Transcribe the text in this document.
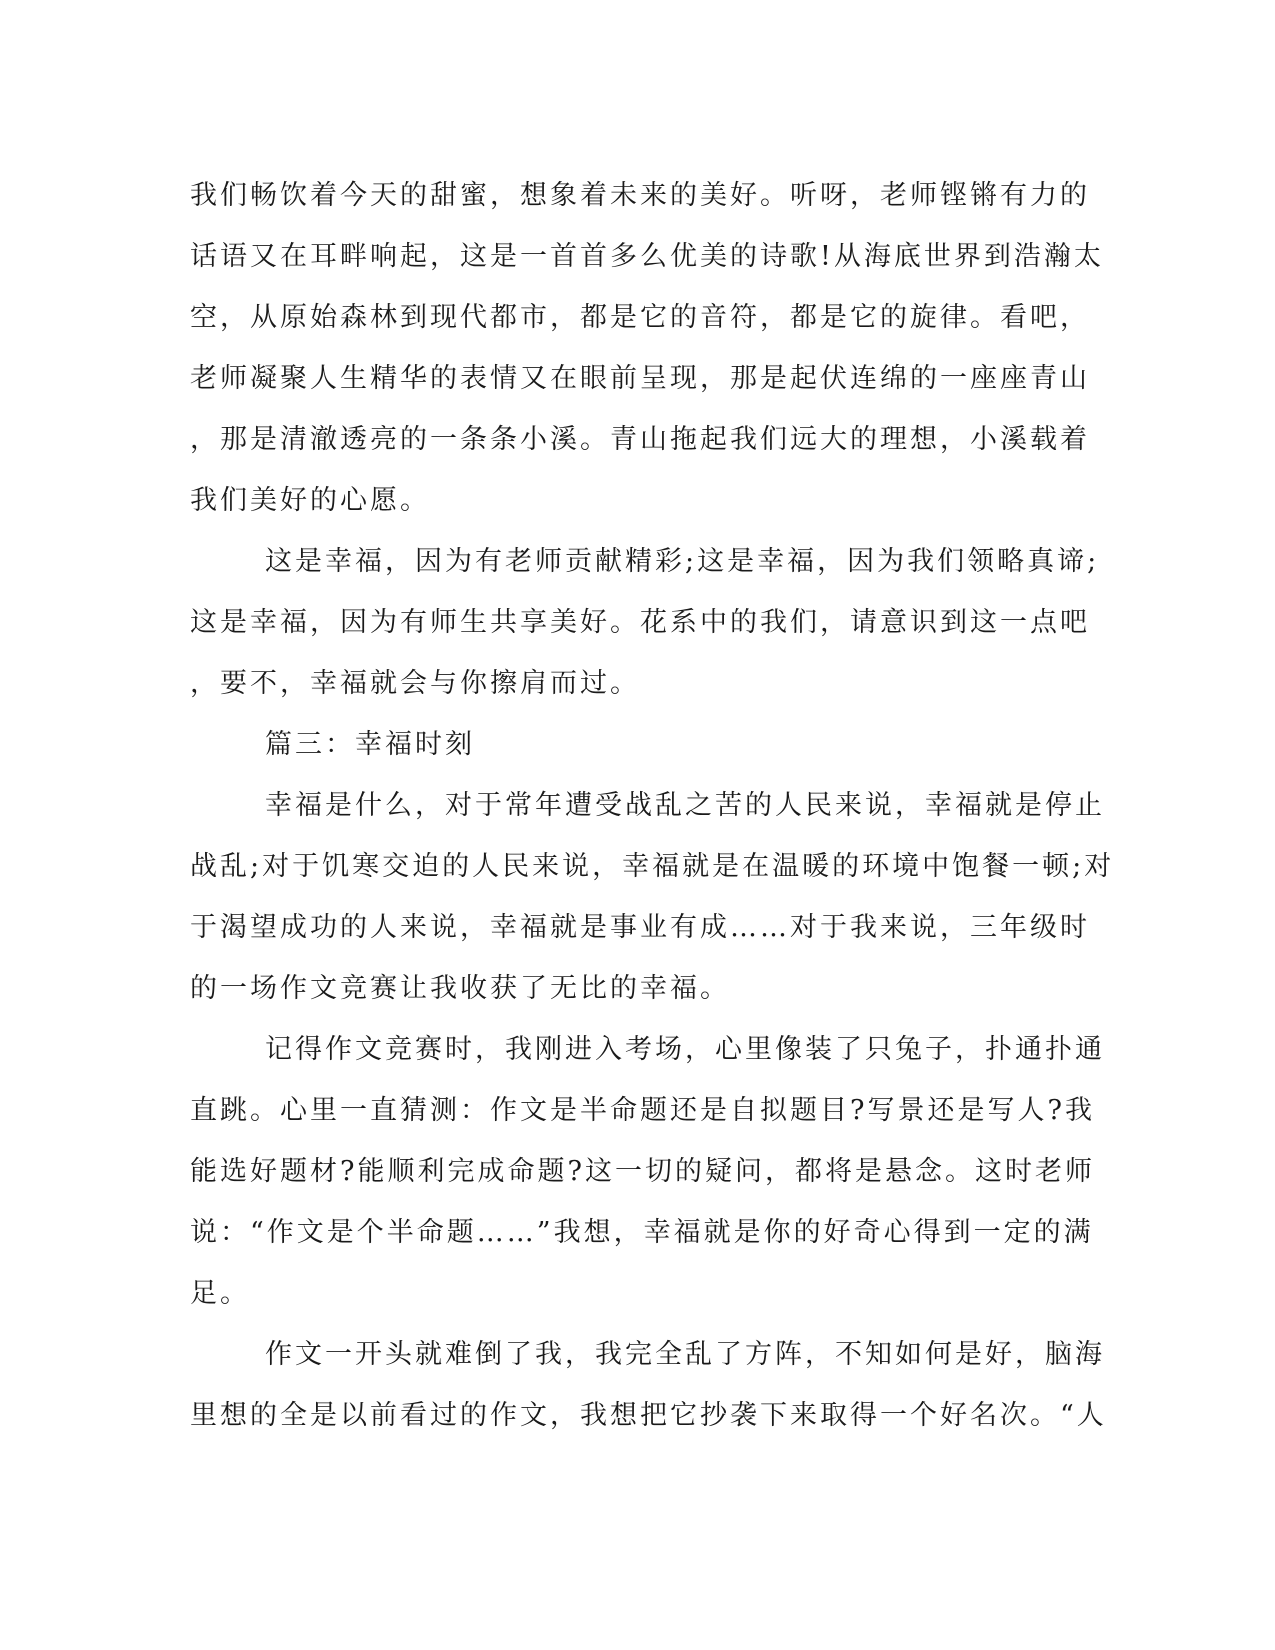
我们畅饮着今天的甜蜜，想象着未来的美好。听呀，老师铿锵有力的
话语又在耳畔响起，这是一首首多么优美的诗歌!从海底世界到浩瀚太
空，从原始森林到现代都市，都是它的音符，都是它的旋律。看吧，
老师凝聚人生精华的表情又在眼前呈现，那是起伏连绵的一座座青山
，那是清澈透亮的一条条小溪。青山拖起我们远大的理想，小溪载着
我们美好的心愿。
这是幸福，因为有老师贡献精彩;这是幸福，因为我们领略真谛;
这是幸福，因为有师生共享美好。花系中的我们，请意识到这一点吧
，要不，幸福就会与你擦肩而过。
篇三：幸福时刻
幸福是什么，对于常年遭受战乱之苦的人民来说，幸福就是停止
战乱;对于饥寒交迫的人民来说，幸福就是在温暖的环境中饱餐一顿;对
于渴望成功的人来说，幸福就是事业有成……对于我来说，三年级时
的一场作文竞赛让我收获了无比的幸福。
记得作文竞赛时，我刚进入考场，心里像装了只兔子，扑通扑通
直跳。心里一直猜测：作文是半命题还是自拟题目?写景还是写人?我
能选好题材?能顺利完成命题?这一切的疑问，都将是悬念。这时老师
说：“作文是个半命题……”我想，幸福就是你的好奇心得到一定的满
足。
作文一开头就难倒了我，我完全乱了方阵，不知如何是好，脑海
里想的全是以前看过的作文，我想把它抄袭下来取得一个好名次。“人
